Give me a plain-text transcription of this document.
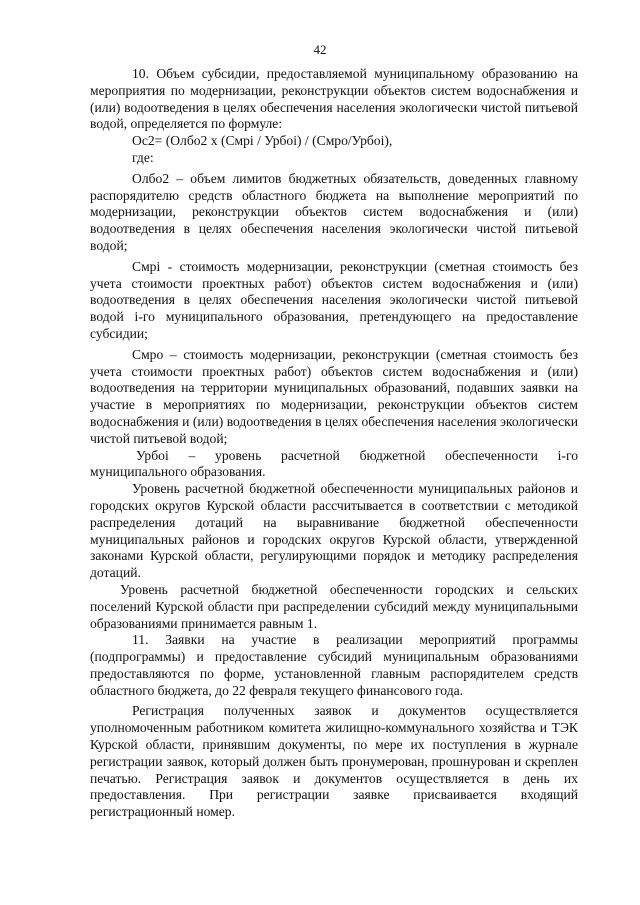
42

10. Объем субсидии, предоставляемой муниципальному образованию на мероприятия по модернизации, реконструкции объектов систем водоснабжения и (или) водоотведения в целях обеспечения населения экологически чистой питьевой водой, определяется по формуле:

Ос2= (Олбо2 х (Смрi / Урбоi) / (Смро/Урбоi),

где:

Олбо2 – объем лимитов бюджетных обязательств, доведенных главному распорядителю средств областного бюджета на выполнение мероприятий по модернизации, реконструкции объектов систем водоснабжения и (или) водоотведения в целях обеспечения населения экологически чистой питьевой водой;

Смрi - стоимость модернизации, реконструкции (сметная стоимость без учета стоимости проектных работ) объектов систем водоснабжения и (или) водоотведения в целях обеспечения населения экологически чистой питьевой водой i-го муниципального образования, претендующего на предоставление субсидии;

Смро – стоимость модернизации, реконструкции (сметная стоимость без учета стоимости проектных работ) объектов систем водоснабжения и (или) водоотведения на территории муниципальных образований, подавших заявки на участие в мероприятиях по модернизации, реконструкции объектов систем водоснабжения и (или) водоотведения в целях обеспечения населения экологически чистой питьевой водой;

Урбоi – уровень расчетной бюджетной обеспеченности i-го муниципального образования.

Уровень расчетной бюджетной обеспеченности муниципальных районов и городских округов Курской области рассчитывается в соответствии с методикой распределения дотаций на выравнивание бюджетной обеспеченности муниципальных районов и городских округов Курской области, утвержденной законами Курской области, регулирующими порядок и методику распределения дотаций.

Уровень расчетной бюджетной обеспеченности городских и сельских поселений Курской области при распределении субсидий между муниципальными образованиями принимается равным 1.

11. Заявки на участие в реализации мероприятий программы (подпрограммы) и предоставление субсидий муниципальным образованиями предоставляются по форме, установленной главным распорядителем средств областного бюджета, до 22 февраля текущего финансового года.

Регистрация полученных заявок и документов осуществляется уполномоченным работником комитета жилищно-коммунального хозяйства и ТЭК Курской области, принявшим документы, по мере их поступления в журнале регистрации заявок, который должен быть пронумерован, прошнурован и скреплен печатью. Регистрация заявок и документов осуществляется в день их предоставления. При регистрации заявке присваивается входящий регистрационный номер.
